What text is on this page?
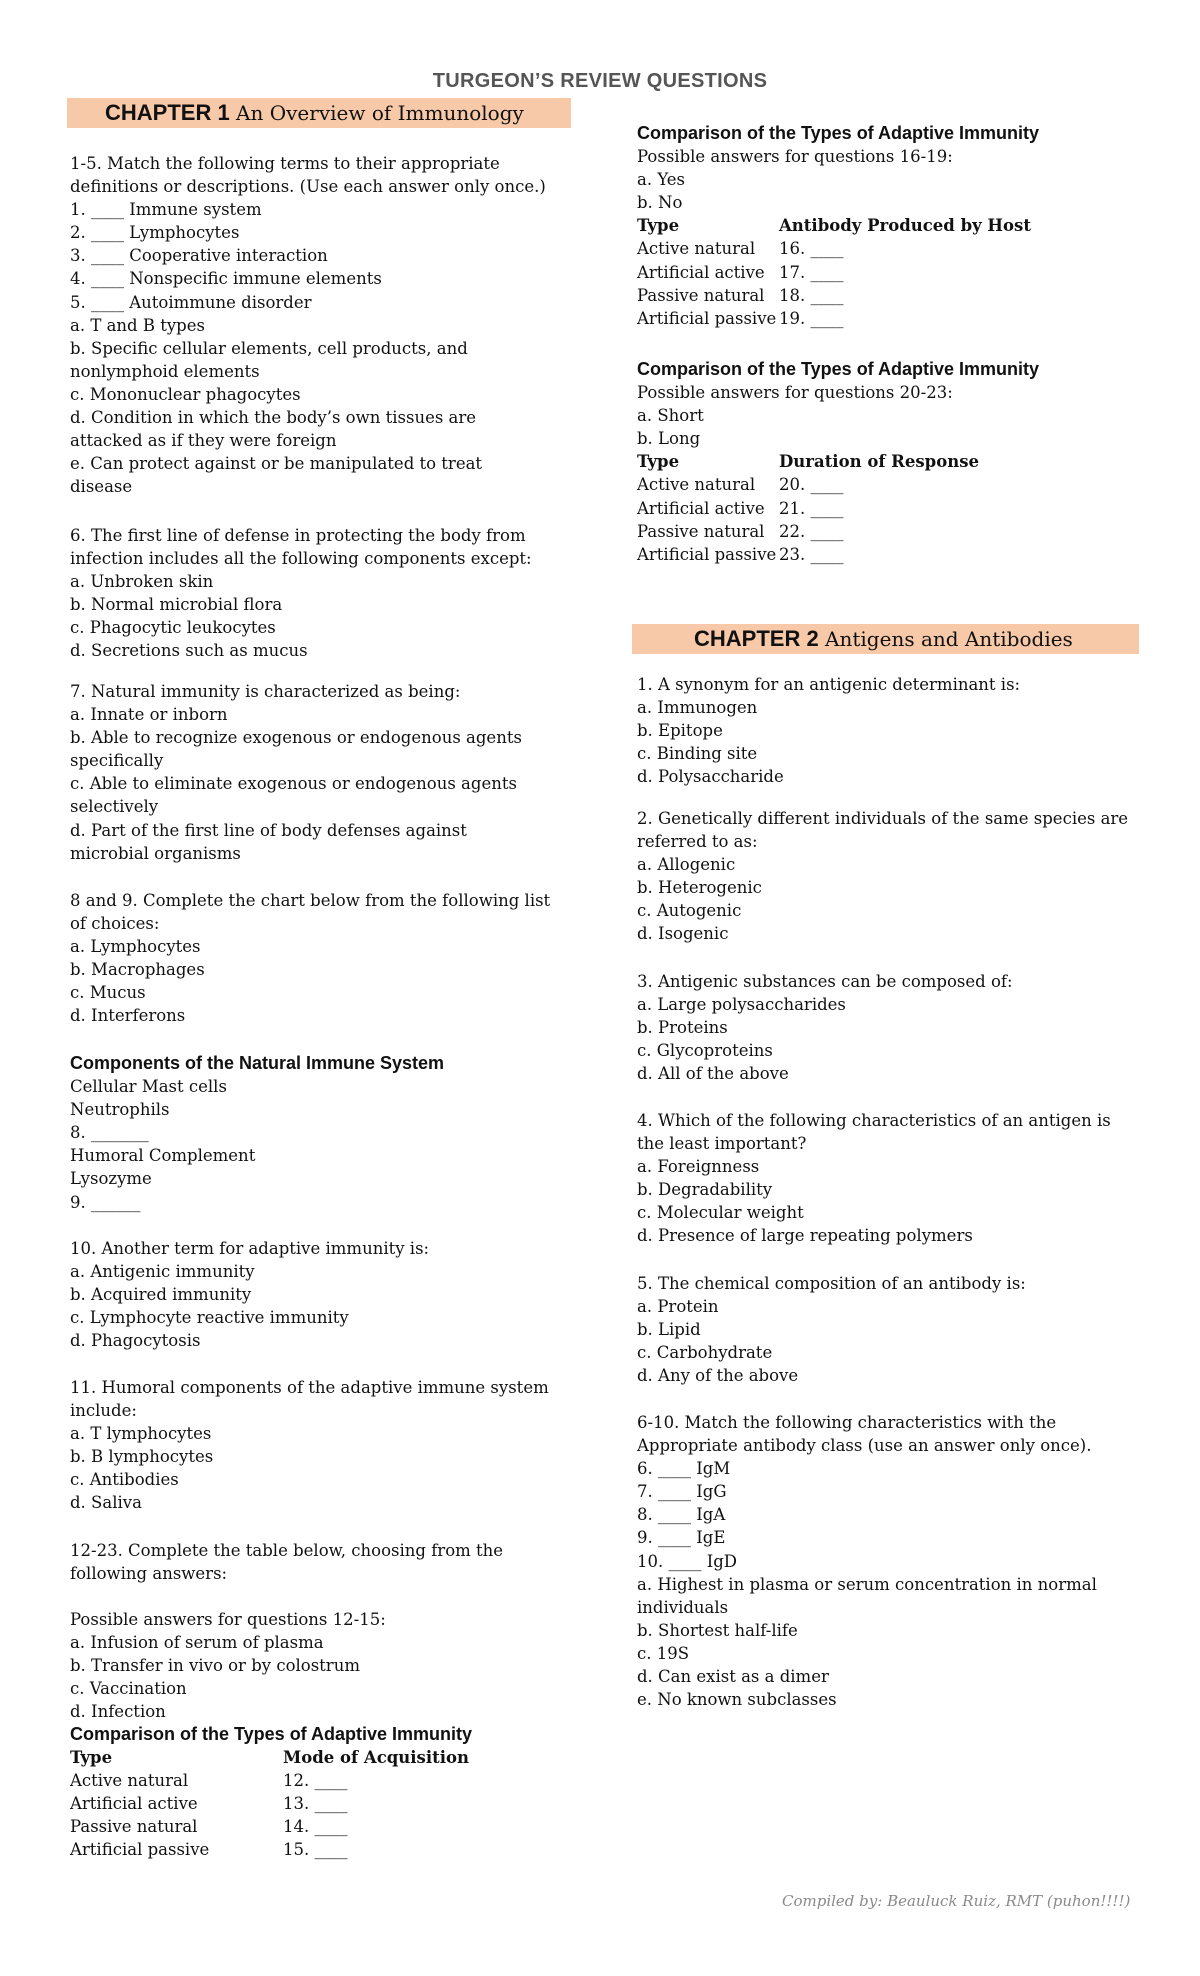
TURGEON’S REVIEW QUESTIONS
CHAPTER 1 An Overview of Immunology
CHAPTER 2 Antigens and Antibodies
1-5. Match the following terms to their appropriate
definitions or descriptions. (Use each answer only once.)
1. ____ Immune system
2. ____ Lymphocytes
3. ____ Cooperative interaction
4. ____ Nonspecific immune elements
5. ____ Autoimmune disorder
a. T and B types
b. Specific cellular elements, cell products, and
nonlymphoid elements
c. Mononuclear phagocytes
d. Condition in which the body’s own tissues are
attacked as if they were foreign
e. Can protect against or be manipulated to treat
disease
6. The first line of defense in protecting the body from
infection includes all the following components except:
a. Unbroken skin
b. Normal microbial flora
c. Phagocytic leukocytes
d. Secretions such as mucus
7. Natural immunity is characterized as being:
a. Innate or inborn
b. Able to recognize exogenous or endogenous agents
specifically
c. Able to eliminate exogenous or endogenous agents
selectively
d. Part of the first line of body defenses against
microbial organisms
8 and 9. Complete the chart below from the following list
of choices:
a. Lymphocytes
b. Macrophages
c. Mucus
d. Interferons
Components of the Natural Immune System
Cellular Mast cells
Neutrophils
8. _______
Humoral Complement
Lysozyme
9. ______
10. Another term for adaptive immunity is:
a. Antigenic immunity
b. Acquired immunity
c. Lymphocyte reactive immunity
d. Phagocytosis
11. Humoral components of the adaptive immune system
include:
a. T lymphocytes
b. B lymphocytes
c. Antibodies
d. Saliva
12-23. Complete the table below, choosing from the
following answers:
Possible answers for questions 12-15:
a. Infusion of serum of plasma
b. Transfer in vivo or by colostrum
c. Vaccination
d. Infection
Comparison of the Types of Adaptive Immunity
Type	Mode of Acquisition
Active natural	12. ____
Artificial active	13. ____
Passive natural	14. ____
Artificial passive	15. ____
Comparison of the Types of Adaptive Immunity
Possible answers for questions 16-19:
a. Yes
b. No
Type	Antibody Produced by Host
Active natural	16. ____
Artificial active 17. ____
Passive natural 18. ____
Artificial passive 19. ____
Comparison of the Types of Adaptive Immunity
Possible answers for questions 20-23:
a. Short
b. Long
Type	Duration of Response
Active natural	20. ____
Artificial active 21. ____
Passive natural 22. ____
Artificial passive 23. ____
1. A synonym for an antigenic determinant is:
a. Immunogen
b. Epitope
c. Binding site
d. Polysaccharide
2. Genetically different individuals of the same species are
referred to as:
a. Allogenic
b. Heterogenic
c. Autogenic
d. Isogenic
3. Antigenic substances can be composed of:
a. Large polysaccharides
b. Proteins
c. Glycoproteins
d. All of the above
4. Which of the following characteristics of an antigen is
the least important?
a. Foreignness
b. Degradability
c. Molecular weight
d. Presence of large repeating polymers
5. The chemical composition of an antibody is:
a. Protein
b. Lipid
c. Carbohydrate
d. Any of the above
6-10. Match the following characteristics with the
Appropriate antibody class (use an answer only once).
6. ____ IgM
7. ____ IgG
8. ____ IgA
9. ____ IgE
10. ____ IgD
a. Highest in plasma or serum concentration in normal
individuals
b. Shortest half-life
c. 19S
d. Can exist as a dimer
e. No known subclasses
Compiled by: Beauluck Ruiz, RMT (puhon!!!!)
